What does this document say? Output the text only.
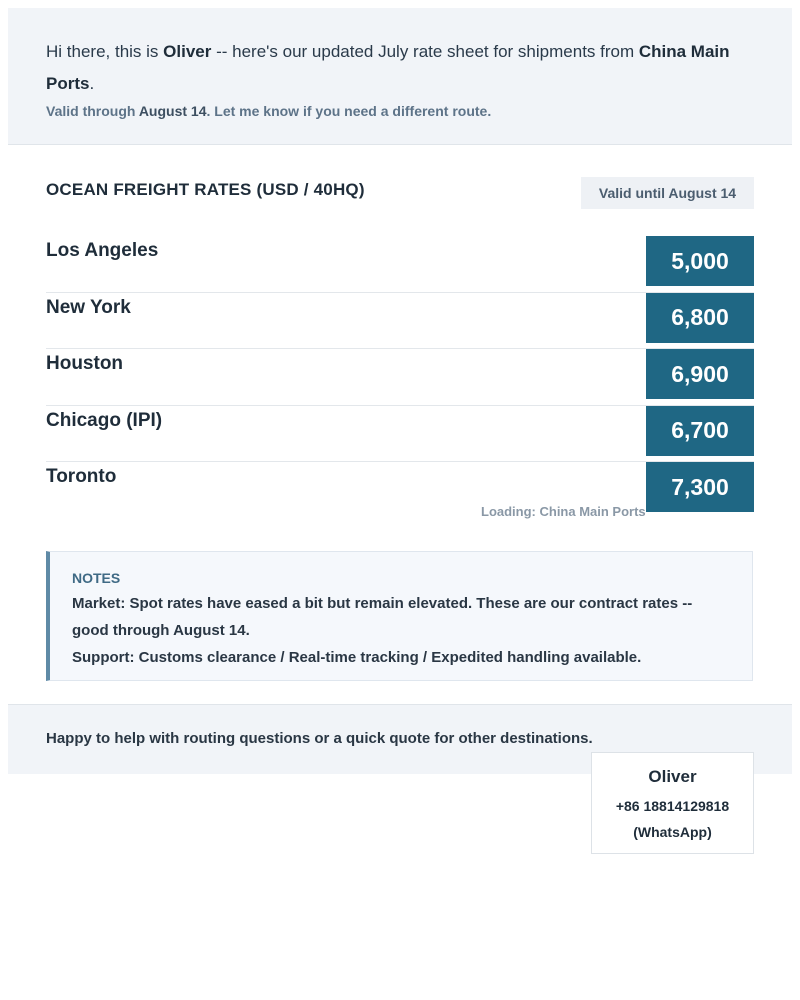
Hi there, this is Oliver -- here's our updated July rate sheet for shipments from China Main Ports.
Valid through August 14. Let me know if you need a different route.
OCEAN FREIGHT RATES (USD / 40HQ)	Valid until August 14
Los Angeles	5,000
New York	6,800
Houston	6,900
Chicago (IPI)	6,700
Toronto	7,300
Loading: China Main Ports
NOTES
Market: Spot rates have eased a bit but remain elevated. These are our contract rates -- good through August 14.
Support: Customs clearance / Real-time tracking / Expedited handling available.
Happy to help with routing questions or a quick quote for other destinations.
Oliver
+86 18814129818
(WhatsApp)
